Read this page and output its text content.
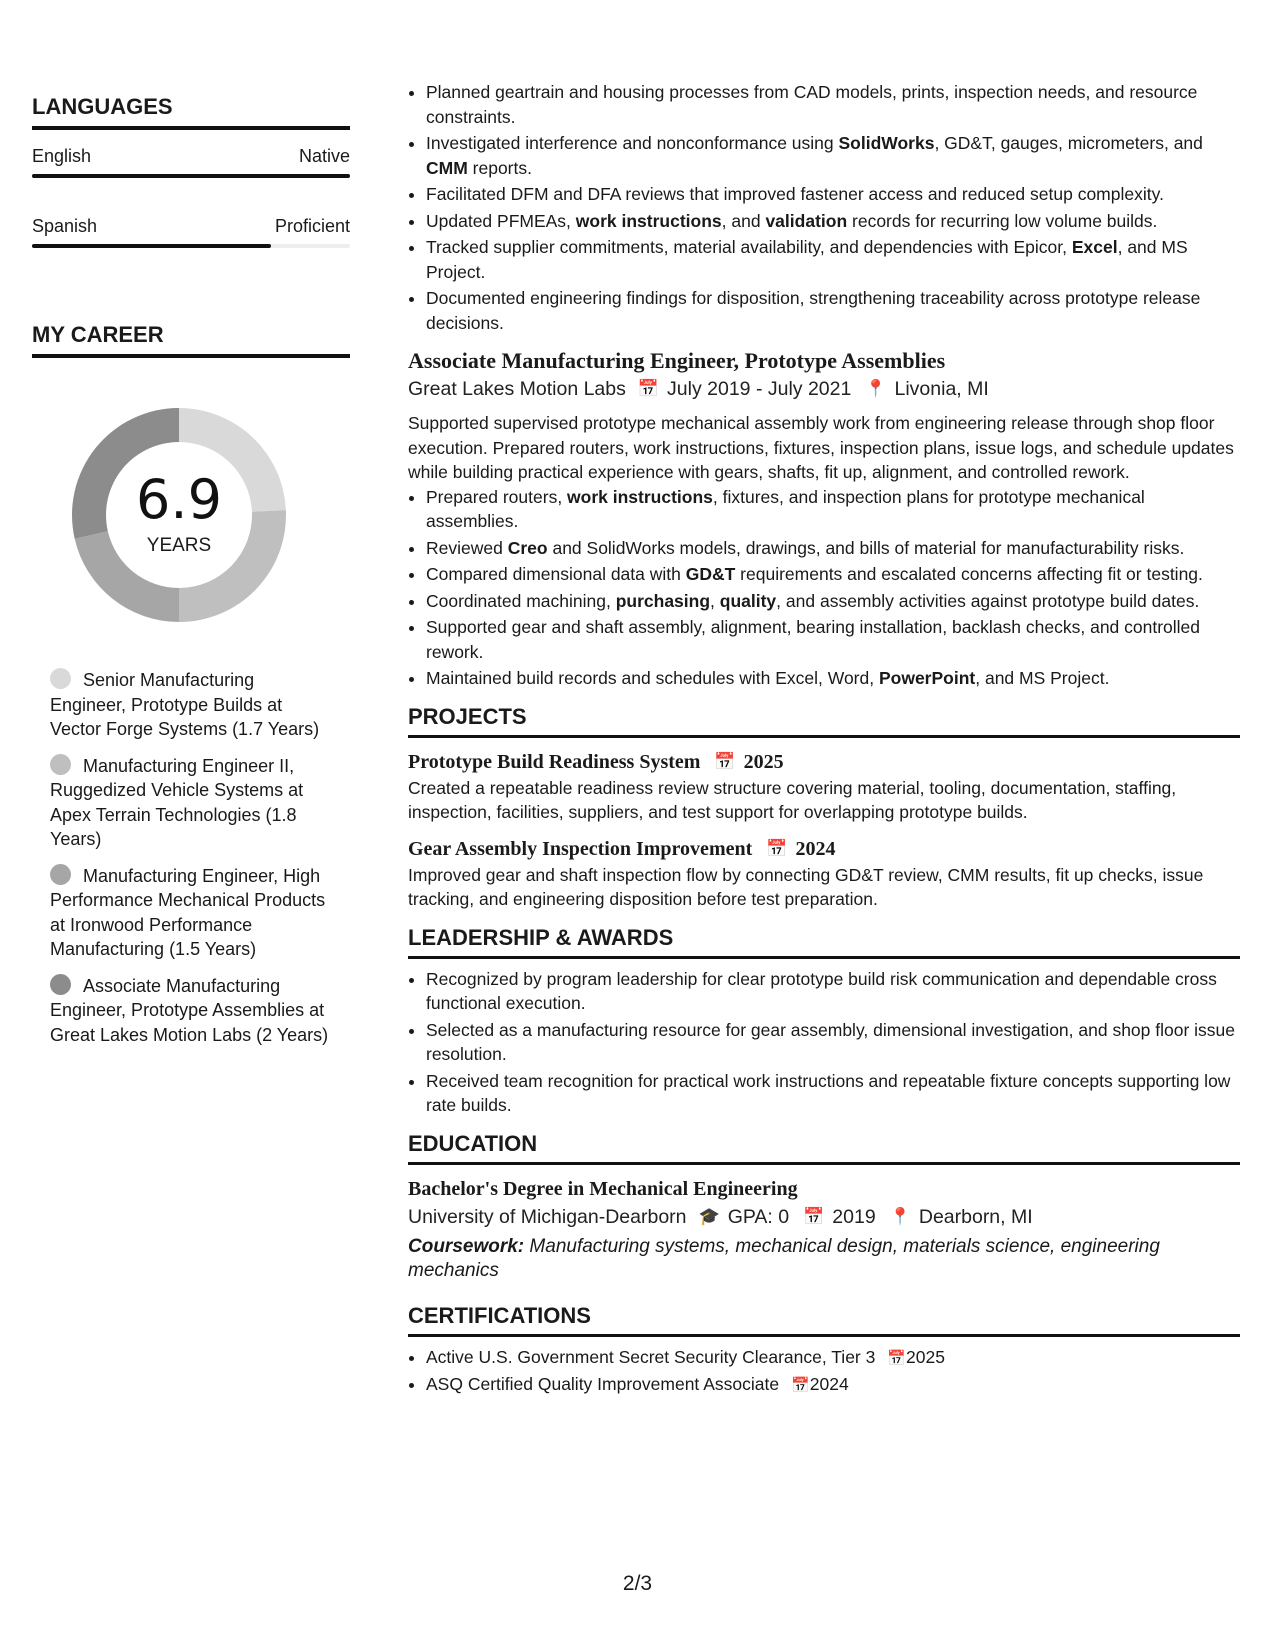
LANGUAGES
English	Native
Spanish	Proficient
MY CAREER
6.9
YEARS
Senior Manufacturing Engineer, Prototype Builds at Vector Forge Systems (1.7 Years)
Manufacturing Engineer II, Ruggedized Vehicle Systems at Apex Terrain Technologies (1.8 Years)
Manufacturing Engineer, High Performance Mechanical Products at Ironwood Performance Manufacturing (1.5 Years)
Associate Manufacturing Engineer, Prototype Assemblies at Great Lakes Motion Labs (2 Years)
• Planned geartrain and housing processes from CAD models, prints, inspection needs, and resource constraints.
• Investigated interference and nonconformance using SolidWorks, GD&T, gauges, micrometers, and CMM reports.
• Facilitated DFM and DFA reviews that improved fastener access and reduced setup complexity.
• Updated PFMEAs, work instructions, and validation records for recurring low volume builds.
• Tracked supplier commitments, material availability, and dependencies with Epicor, Excel, and MS Project.
• Documented engineering findings for disposition, strengthening traceability across prototype release decisions.
Associate Manufacturing Engineer, Prototype Assemblies
Great Lakes Motion Labs 📅 July 2019 - July 2021 📍 Livonia, MI
Supported supervised prototype mechanical assembly work from engineering release through shop floor execution. Prepared routers, work instructions, fixtures, inspection plans, issue logs, and schedule updates while building practical experience with gears, shafts, fit up, alignment, and controlled rework.
• Prepared routers, work instructions, fixtures, and inspection plans for prototype mechanical assemblies.
• Reviewed Creo and SolidWorks models, drawings, and bills of material for manufacturability risks.
• Compared dimensional data with GD&T requirements and escalated concerns affecting fit or testing.
• Coordinated machining, purchasing, quality, and assembly activities against prototype build dates.
• Supported gear and shaft assembly, alignment, bearing installation, backlash checks, and controlled rework.
• Maintained build records and schedules with Excel, Word, PowerPoint, and MS Project.
PROJECTS
Prototype Build Readiness System 📅 2025
Created a repeatable readiness review structure covering material, tooling, documentation, staffing, inspection, facilities, suppliers, and test support for overlapping prototype builds.
Gear Assembly Inspection Improvement 📅 2024
Improved gear and shaft inspection flow by connecting GD&T review, CMM results, fit up checks, issue tracking, and engineering disposition before test preparation.
LEADERSHIP & AWARDS
• Recognized by program leadership for clear prototype build risk communication and dependable cross functional execution.
• Selected as a manufacturing resource for gear assembly, dimensional investigation, and shop floor issue resolution.
• Received team recognition for practical work instructions and repeatable fixture concepts supporting low rate builds.
EDUCATION
Bachelor's Degree in Mechanical Engineering
University of Michigan-Dearborn 🎓 GPA: 0 📅 2019 📍 Dearborn, MI
Coursework: Manufacturing systems, mechanical design, materials science, engineering mechanics
CERTIFICATIONS
• Active U.S. Government Secret Security Clearance, Tier 3 📅2025
• ASQ Certified Quality Improvement Associate 📅2024
2/3
